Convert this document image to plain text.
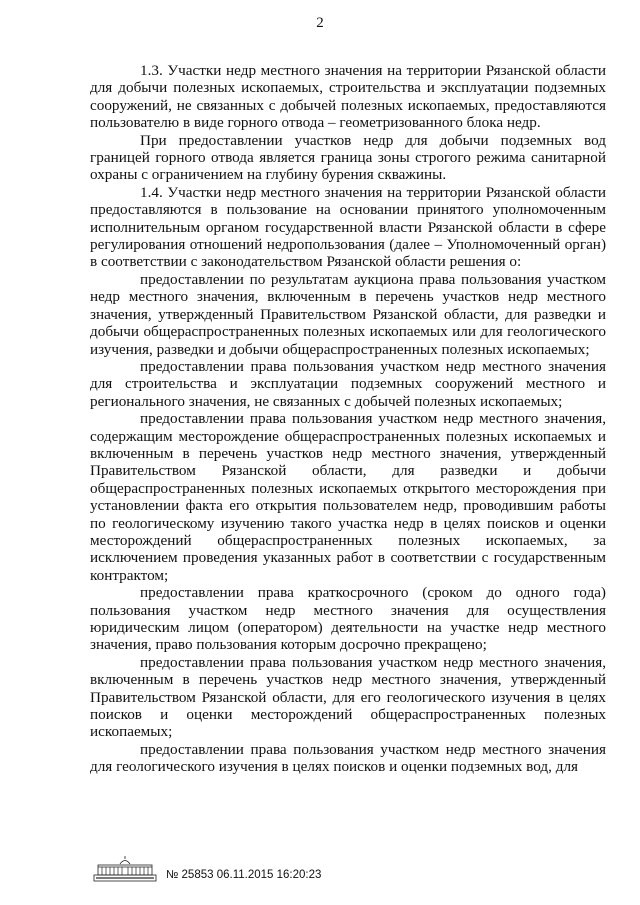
2

1.3. Участки недр местного значения на территории Рязанской области для добычи полезных ископаемых, строительства и эксплуатации подземных сооружений, не связанных с добычей полезных ископаемых, предоставляются пользователю в виде горного отвода – геометризованного блока недр.

При предоставлении участков недр для добычи подземных вод границей горного отвода является граница зоны строгого режима санитарной охраны с ограничением на глубину бурения скважины.

1.4. Участки недр местного значения на территории Рязанской области предоставляются в пользование на основании принятого уполномоченным исполнительным органом государственной власти Рязанской области в сфере регулирования отношений недропользования (далее – Уполномоченный орган) в соответствии с законодательством Рязанской области решения о:

предоставлении по результатам аукциона права пользования участком недр местного значения, включенным в перечень участков недр местного значения, утвержденный Правительством Рязанской области, для разведки и добычи общераспространенных полезных ископаемых или для геологического изучения, разведки и добычи общераспространенных полезных ископаемых;

предоставлении права пользования участком недр местного значения для строительства и эксплуатации подземных сооружений местного и регионального значения, не связанных с добычей полезных ископаемых;

предоставлении права пользования участком недр местного значения, содержащим месторождение общераспространенных полезных ископаемых и включенным в перечень участков недр местного значения, утвержденный Правительством Рязанской области, для разведки и добычи общераспространенных полезных ископаемых открытого месторождения при установлении факта его открытия пользователем недр, проводившим работы по геологическому изучению такого участка недр в целях поисков и оценки месторождений общераспространенных полезных ископаемых, за исключением проведения указанных работ в соответствии с государственным контрактом;

предоставлении права краткосрочного (сроком до одного года) пользования участком недр местного значения для осуществления юридическим лицом (оператором) деятельности на участке недр местного значения, право пользования которым досрочно прекращено;

предоставлении права пользования участком недр местного значения, включенным в перечень участков недр местного значения, утвержденный Правительством Рязанской области, для его геологического изучения в целях поисков и оценки месторождений общераспространенных полезных ископаемых;

предоставлении права пользования участком недр местного значения для геологического изучения в целях поисков и оценки подземных вод, для

№ 25853 06.11.2015 16:20:23
